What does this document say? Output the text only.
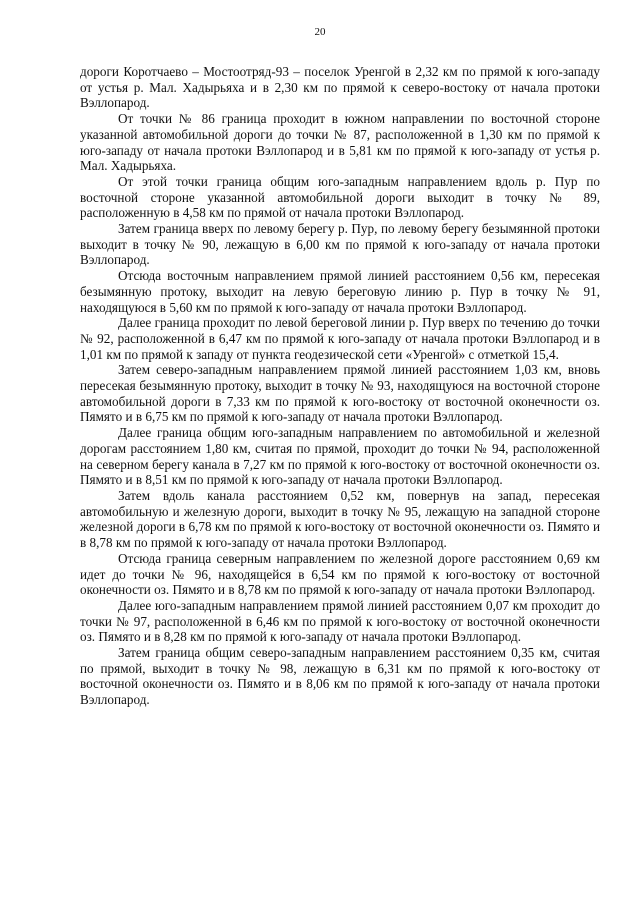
20

дороги Коротчаево – Мостоотряд-93 – поселок Уренгой в 2,32 км по прямой к юго-западу от устья р. Мал. Хадырьяха и в 2,30 км по прямой к северо-востоку от начала протоки Вэллопарод.

От точки № 86 граница проходит в южном направлении по восточной стороне указанной автомобильной дороги до точки № 87, расположенной в 1,30 км по прямой к юго-западу от начала протоки Вэллопарод и в 5,81 км по прямой к юго-западу от устья р. Мал. Хадырьяха.

От этой точки граница общим юго-западным направлением вдоль р. Пур по восточной стороне указанной автомобильной дороги выходит в точку № 89, расположенную в 4,58 км по прямой от начала протоки Вэллопарод.

Затем граница вверх по левому берегу р. Пур, по левому берегу безымянной протоки выходит в точку № 90, лежащую в 6,00 км по прямой к юго-западу от начала протоки Вэллопарод.

Отсюда восточным направлением прямой линией расстоянием 0,56 км, пересекая безымянную протоку, выходит на левую береговую линию р. Пур в точку № 91, находящуюся в 5,60 км по прямой к юго-западу от начала протоки Вэллопарод.

Далее граница проходит по левой береговой линии р. Пур вверх по течению до точки № 92, расположенной в 6,47 км по прямой к юго-западу от начала протоки Вэллопарод и в 1,01 км по прямой к западу от пункта геодезической сети «Уренгой» с отметкой 15,4.

Затем северо-западным направлением прямой линией расстоянием 1,03 км, вновь пересекая безымянную протоку, выходит в точку № 93, находящуюся на восточной стороне автомобильной дороги в 7,33 км по прямой к юго-востоку от восточной оконечности оз. Пямято и в 6,75 км по прямой к юго-западу от начала протоки Вэллопарод.

Далее граница общим юго-западным направлением по автомобильной и железной дорогам расстоянием 1,80 км, считая по прямой, проходит до точки № 94, расположенной на северном берегу канала в 7,27 км по прямой к юго-востоку от восточной оконечности оз. Пямято и в 8,51 км по прямой к юго-западу от начала протоки Вэллопарод.

Затем вдоль канала расстоянием 0,52 км, повернув на запад, пересекая автомобильную и железную дороги, выходит в точку № 95, лежащую на западной стороне железной дороги в 6,78 км по прямой к юго-востоку от восточной оконечности оз. Пямято и в 8,78 км по прямой к юго-западу от начала протоки Вэллопарод.

Отсюда граница северным направлением по железной дороге расстоянием 0,69 км идет до точки № 96, находящейся в 6,54 км по прямой к юго-востоку от восточной оконечности оз. Пямято и в 8,78 км по прямой к юго-западу от начала протоки Вэллопарод.

Далее юго-западным направлением прямой линией расстоянием 0,07 км проходит до точки № 97, расположенной в 6,46 км по прямой к юго-востоку от восточной оконечности оз. Пямято и в 8,28 км по прямой к юго-западу от начала протоки Вэллопарод.

Затем граница общим северо-западным направлением расстоянием 0,35 км, считая по прямой, выходит в точку № 98, лежащую в 6,31 км по прямой к юго-востоку от восточной оконечности оз. Пямято и в 8,06 км по прямой к юго-западу от начала протоки Вэллопарод.
